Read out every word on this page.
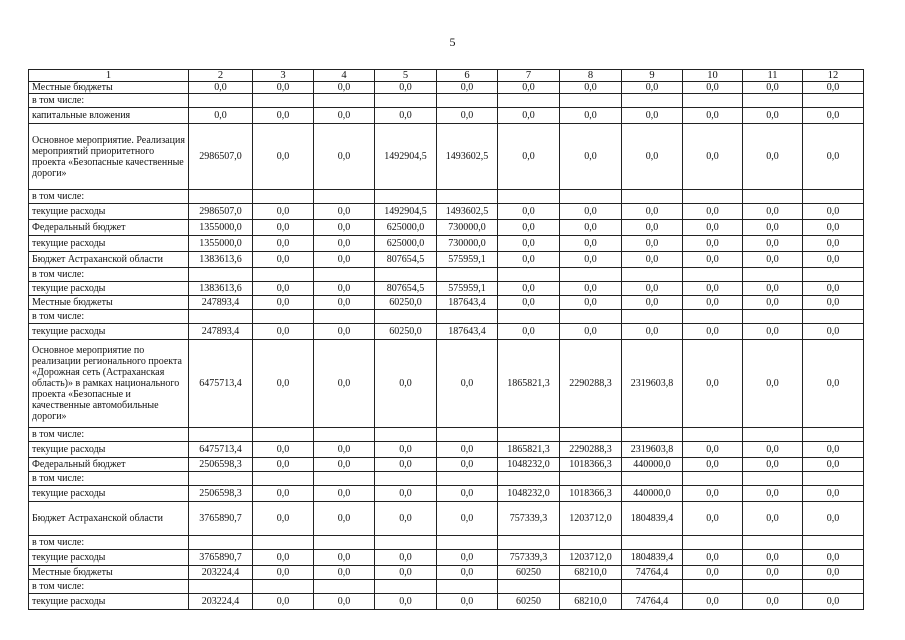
5
1	2	3	4	5	6	7	8	9	10	11	12
Местные бюджеты	0,0	0,0	0,0	0,0	0,0	0,0	0,0	0,0	0,0	0,0	0,0
в том числе:											
капитальные вложения	0,0	0,0	0,0	0,0	0,0	0,0	0,0	0,0	0,0	0,0	0,0
Основное мероприятие. Реализация мероприятий приоритетного проекта «Безопасные качественные дороги»	2986507,0	0,0	0,0	1492904,5	1493602,5	0,0	0,0	0,0	0,0	0,0	0,0
в том числе:											
текущие расходы	2986507,0	0,0	0,0	1492904,5	1493602,5	0,0	0,0	0,0	0,0	0,0	0,0
Федеральный бюджет	1355000,0	0,0	0,0	625000,0	730000,0	0,0	0,0	0,0	0,0	0,0	0,0
текущие расходы	1355000,0	0,0	0,0	625000,0	730000,0	0,0	0,0	0,0	0,0	0,0	0,0
Бюджет Астраханской области	1383613,6	0,0	0,0	807654,5	575959,1	0,0	0,0	0,0	0,0	0,0	0,0
в том числе:											
текущие расходы	1383613,6	0,0	0,0	807654,5	575959,1	0,0	0,0	0,0	0,0	0,0	0,0
Местные бюджеты	247893,4	0,0	0,0	60250,0	187643,4	0,0	0,0	0,0	0,0	0,0	0,0
в том числе:											
текущие расходы	247893,4	0,0	0,0	60250,0	187643,4	0,0	0,0	0,0	0,0	0,0	0,0
Основное мероприятие по реализации регионального проекта «Дорожная сеть (Астраханская область)» в рамках национального проекта «Безопасные и качественные автомобильные дороги»	6475713,4	0,0	0,0	0,0	0,0	1865821,3	2290288,3	2319603,8	0,0	0,0	0,0
в том числе:											
текущие расходы	6475713,4	0,0	0,0	0,0	0,0	1865821,3	2290288,3	2319603,8	0,0	0,0	0,0
Федеральный бюджет	2506598,3	0,0	0,0	0,0	0,0	1048232,0	1018366,3	440000,0	0,0	0,0	0,0
в том числе:											
текущие расходы	2506598,3	0,0	0,0	0,0	0,0	1048232,0	1018366,3	440000,0	0,0	0,0	0,0
Бюджет Астраханской области	3765890,7	0,0	0,0	0,0	0,0	757339,3	1203712,0	1804839,4	0,0	0,0	0,0
в том числе:											
текущие расходы	3765890,7	0,0	0,0	0,0	0,0	757339,3	1203712,0	1804839,4	0,0	0,0	0,0
Местные бюджеты	203224,4	0,0	0,0	0,0	0,0	60250	68210,0	74764,4	0,0	0,0	0,0
в том числе:											
текущие расходы	203224,4	0,0	0,0	0,0	0,0	60250	68210,0	74764,4	0,0	0,0	0,0
